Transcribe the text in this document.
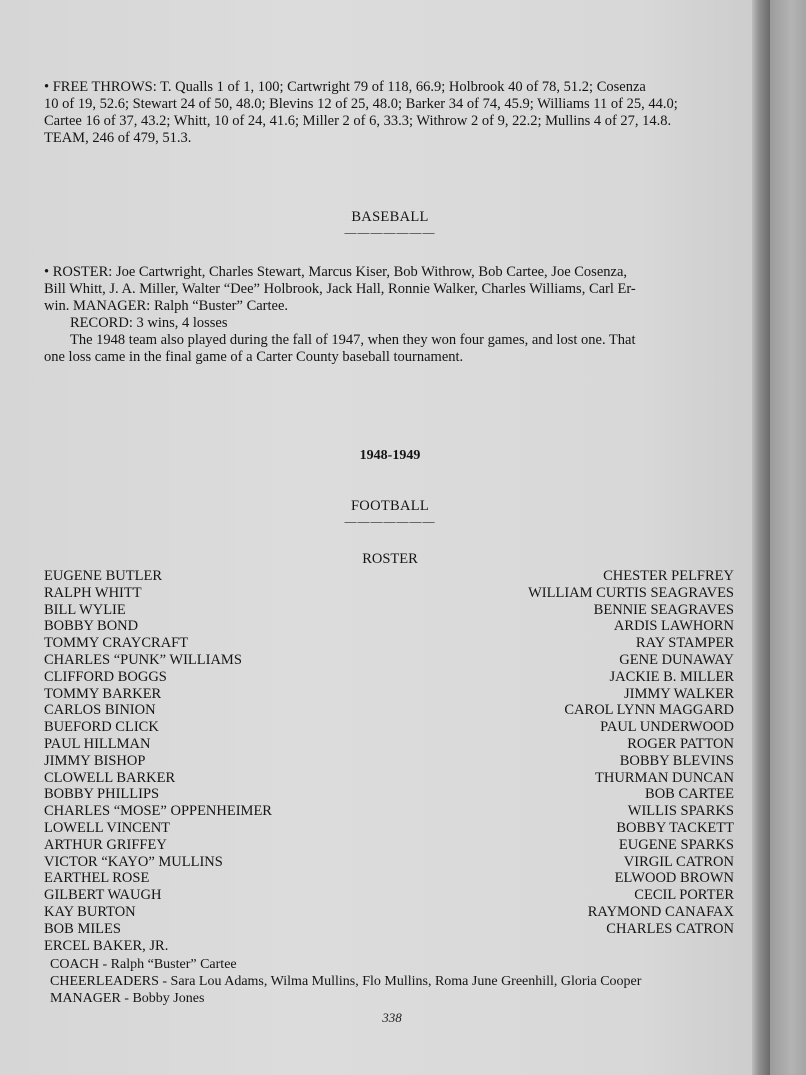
• FREE THROWS: T. Qualls 1 of 1, 100; Cartwright 79 of 118, 66.9; Holbrook 40 of 78, 51.2; Cosenza
10 of 19, 52.6; Stewart 24 of 50, 48.0; Blevins 12 of 25, 48.0; Barker 34 of 74, 45.9; Williams 11 of 25, 44.0;
Cartee 16 of 37, 43.2; Whitt, 10 of 24, 41.6; Miller 2 of 6, 33.3; Withrow 2 of 9, 22.2; Mullins 4 of 27, 14.8.
TEAM, 246 of 479, 51.3.
BASEBALL
———————
• ROSTER: Joe Cartwright, Charles Stewart, Marcus Kiser, Bob Withrow, Bob Cartee, Joe Cosenza,
Bill Whitt, J. A. Miller, Walter “Dee” Holbrook, Jack Hall, Ronnie Walker, Charles Williams, Carl Er-
win. MANAGER: Ralph “Buster” Cartee.
RECORD: 3 wins, 4 losses
The 1948 team also played during the fall of 1947, when they won four games, and lost one. That
one loss came in the final game of a Carter County baseball tournament.
1948-1949
FOOTBALL
———————
ROSTER
EUGENE BUTLER	CHESTER PELFREY
RALPH WHITT	WILLIAM CURTIS SEAGRAVES
BILL WYLIE	BENNIE SEAGRAVES
BOBBY BOND	ARDIS LAWHORN
TOMMY CRAYCRAFT	RAY STAMPER
CHARLES “PUNK” WILLIAMS	GENE DUNAWAY
CLIFFORD BOGGS	JACKIE B. MILLER
TOMMY BARKER	JIMMY WALKER
CARLOS BINION	CAROL LYNN MAGGARD
BUEFORD CLICK	PAUL UNDERWOOD
PAUL HILLMAN	ROGER PATTON
JIMMY BISHOP	BOBBY BLEVINS
CLOWELL BARKER	THURMAN DUNCAN
BOBBY PHILLIPS	BOB CARTEE
CHARLES “MOSE” OPPENHEIMER	WILLIS SPARKS
LOWELL VINCENT	BOBBY TACKETT
ARTHUR GRIFFEY	EUGENE SPARKS
VICTOR “KAYO” MULLINS	VIRGIL CATRON
EARTHEL ROSE	ELWOOD BROWN
GILBERT WAUGH	CECIL PORTER
KAY BURTON	RAYMOND CANAFAX
BOB MILES	CHARLES CATRON
ERCEL BAKER, JR.
COACH - Ralph “Buster” Cartee
CHEERLEADERS - Sara Lou Adams, Wilma Mullins, Flo Mullins, Roma June Greenhill, Gloria Cooper
MANAGER - Bobby Jones
338
